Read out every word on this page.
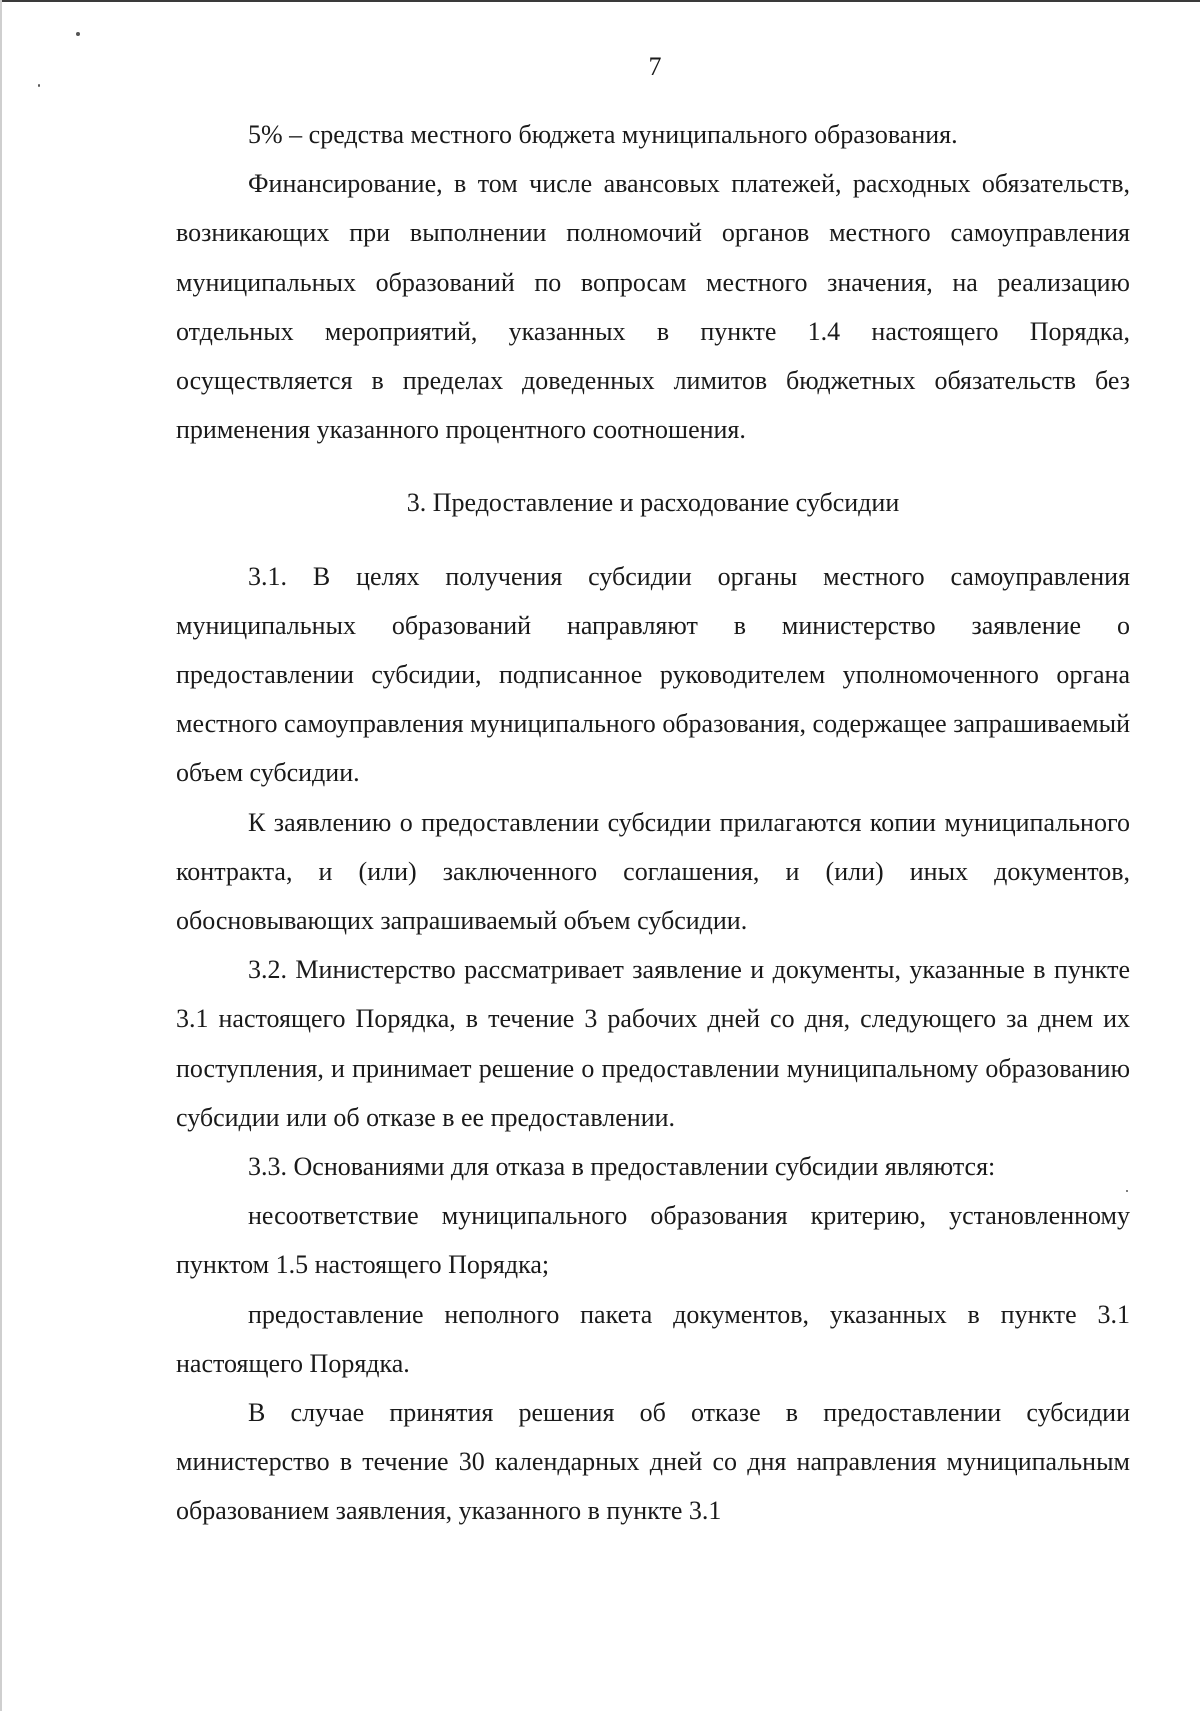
7

5% – средства местного бюджета муниципального образования.

Финансирование, в том числе авансовых платежей, расходных обязательств, возникающих при выполнении полномочий органов местного самоуправления муниципальных образований по вопросам местного значения, на реализацию отдельных мероприятий, указанных в пункте 1.4 настоящего Порядка, осуществляется в пределах доведенных лимитов бюджетных обязательств без применения указанного процентного соотношения.

3. Предоставление и расходование субсидии

3.1. В целях получения субсидии органы местного самоуправления муниципальных образований направляют в министерство заявление о предоставлении субсидии, подписанное руководителем уполномоченного органа местного самоуправления муниципального образования, содержащее запрашиваемый объем субсидии.

К заявлению о предоставлении субсидии прилагаются копии муниципального контракта, и (или) заключенного соглашения, и (или) иных документов, обосновывающих запрашиваемый объем субсидии.

3.2. Министерство рассматривает заявление и документы, указанные в пункте 3.1 настоящего Порядка, в течение 3 рабочих дней со дня, следующего за днем их поступления, и принимает решение о предоставлении муниципальному образованию субсидии или об отказе в ее предоставлении.

3.3. Основаниями для отказа в предоставлении субсидии являются:

несоответствие муниципального образования критерию, установленному пунктом 1.5 настоящего Порядка;

предоставление неполного пакета документов, указанных в пункте 3.1 настоящего Порядка.

В случае принятия решения об отказе в предоставлении субсидии министерство в течение 30 календарных дней со дня направления муниципальным образованием заявления, указанного в пункте 3.1
